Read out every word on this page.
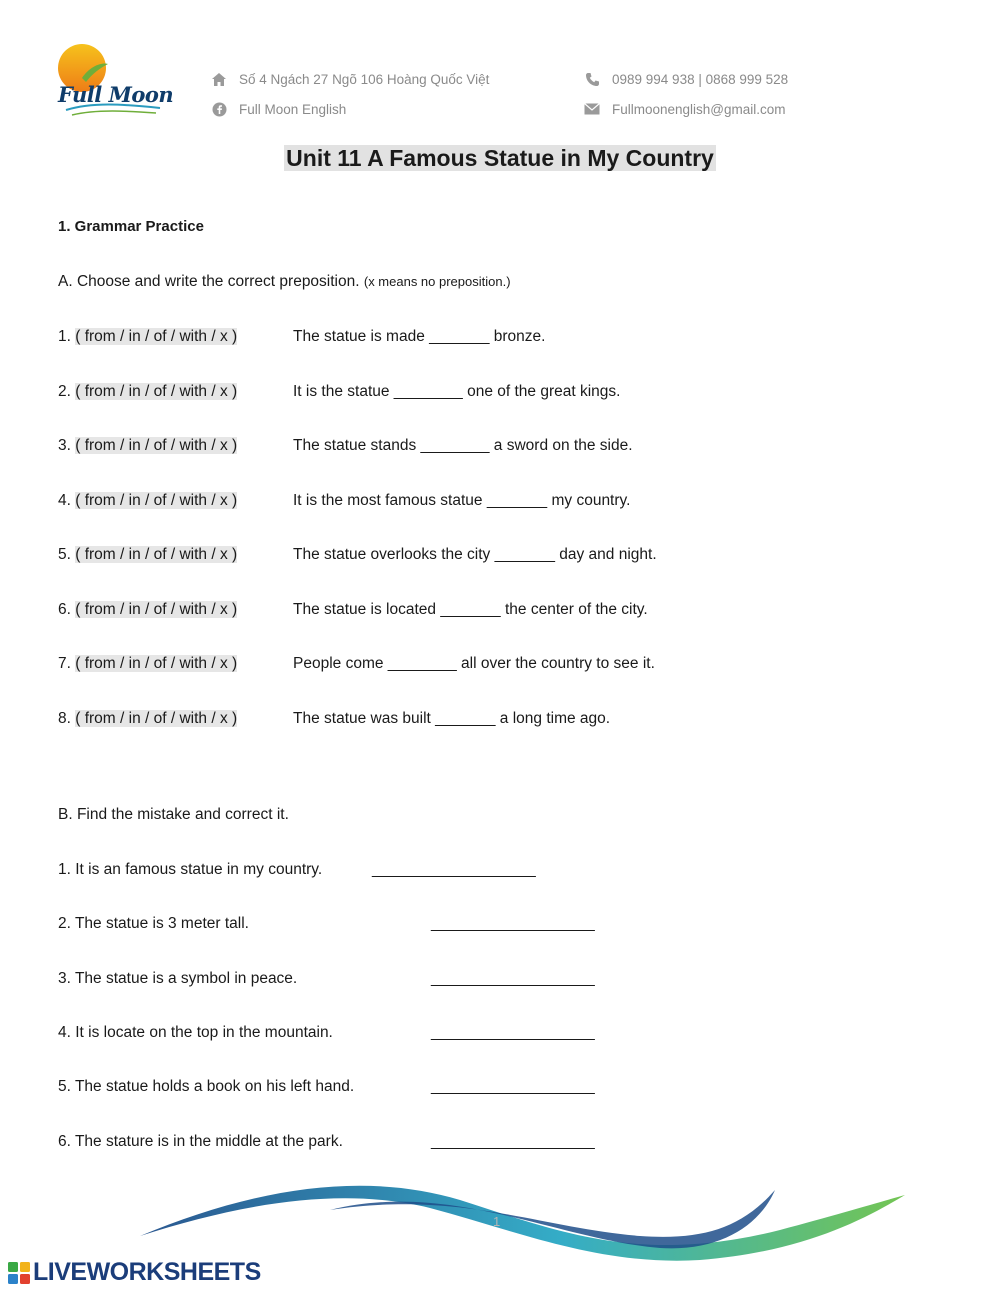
Full Moon
Số 4 Ngách 27 Ngõ 106 Hoàng Quốc Việt
Full Moon English
0989 994 938 | 0868 999 528
Fullmoonenglish@gmail.com
Unit 11 A Famous Statue in My Country
1. Grammar Practice
A. Choose and write the correct preposition. (x means no preposition.)
1. ( from / in / of / with / x )	The statue is made _______ bronze.
2. ( from / in / of / with / x )	It is the statue ________ one of the great kings.
3. ( from / in / of / with / x )	The statue stands ________ a sword on the side.
4. ( from / in / of / with / x )	It is the most famous statue _______ my country.
5. ( from / in / of / with / x )	The statue overlooks the city _______ day and night.
6. ( from / in / of / with / x )	The statue is located _______ the center of the city.
7. ( from / in / of / with / x )	People come ________ all over the country to see it.
8. ( from / in / of / with / x )	The statue was built _______ a long time ago.
B. Find the mistake and correct it.
1. It is an famous statue in my country.	___________________
2. The statue is 3 meter tall.	___________________
3. The statue is a symbol in peace.	___________________
4. It is locate on the top in the mountain.	___________________
5. The statue holds a book on his left hand.	___________________
6. The stature is in the middle at the park.	___________________
1
LIVEWORKSHEETS
